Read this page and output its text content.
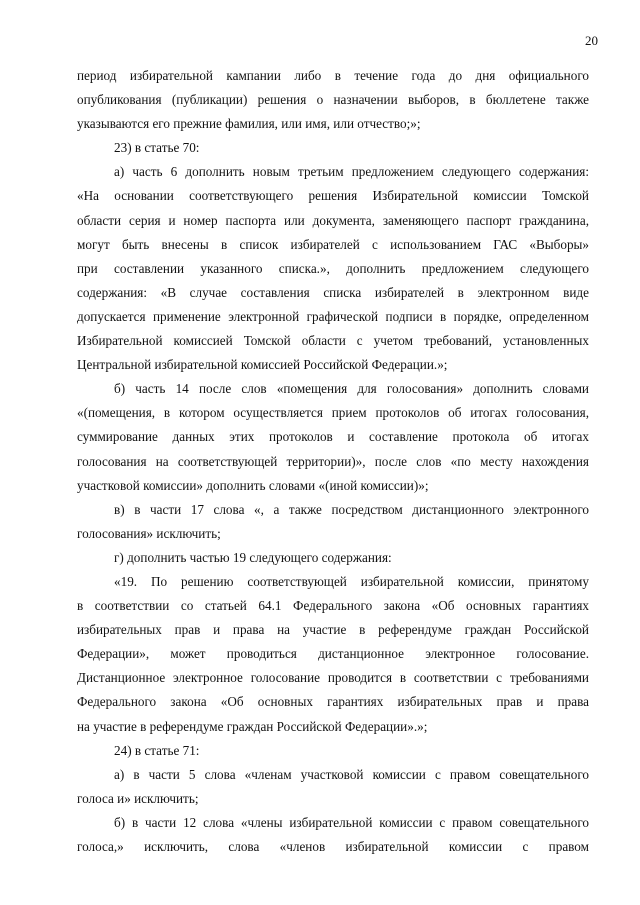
20
период избирательной кампании либо в течение года до дня официального
опубликования (публикации) решения о назначении выборов, в бюллетене также
указываются его прежние фамилия, или имя, или отчество;»;
23) в статье 70:
а) часть 6 дополнить новым третьим предложением следующего содержания:
«На основании соответствующего решения Избирательной комиссии Томской
области серия и номер паспорта или документа, заменяющего паспорт гражданина,
могут быть внесены в список избирателей с использованием ГАС «Выборы»
при составлении указанного списка.», дополнить предложением следующего
содержания: «В случае составления списка избирателей в электронном виде
допускается применение электронной графической подписи в порядке, определенном
Избирательной комиссией Томской области с учетом требований, установленных
Центральной избирательной комиссией Российской Федерации.»;
б) часть 14 после слов «помещения для голосования» дополнить словами
«(помещения, в котором осуществляется прием протоколов об итогах голосования,
суммирование данных этих протоколов и составление протокола об итогах
голосования на соответствующей территории)», после слов «по месту нахождения
участковой комиссии» дополнить словами «(иной комиссии)»;
в) в части 17 слова «, а также посредством дистанционного электронного
голосования» исключить;
г) дополнить частью 19 следующего содержания:
«19. По решению соответствующей избирательной комиссии, принятому
в соответствии со статьей 64.1 Федерального закона «Об основных гарантиях
избирательных прав и права на участие в референдуме граждан Российской
Федерации», может проводиться дистанционное электронное голосование.
Дистанционное электронное голосование проводится в соответствии с требованиями
Федерального закона «Об основных гарантиях избирательных прав и права
на участие в референдуме граждан Российской Федерации».»;
24) в статье 71:
а) в части 5 слова «членам участковой комиссии с правом совещательного
голоса и» исключить;
б) в части 12 слова «члены избирательной комиссии с правом совещательного
голоса,» исключить, слова «членов избирательной комиссии с правом
